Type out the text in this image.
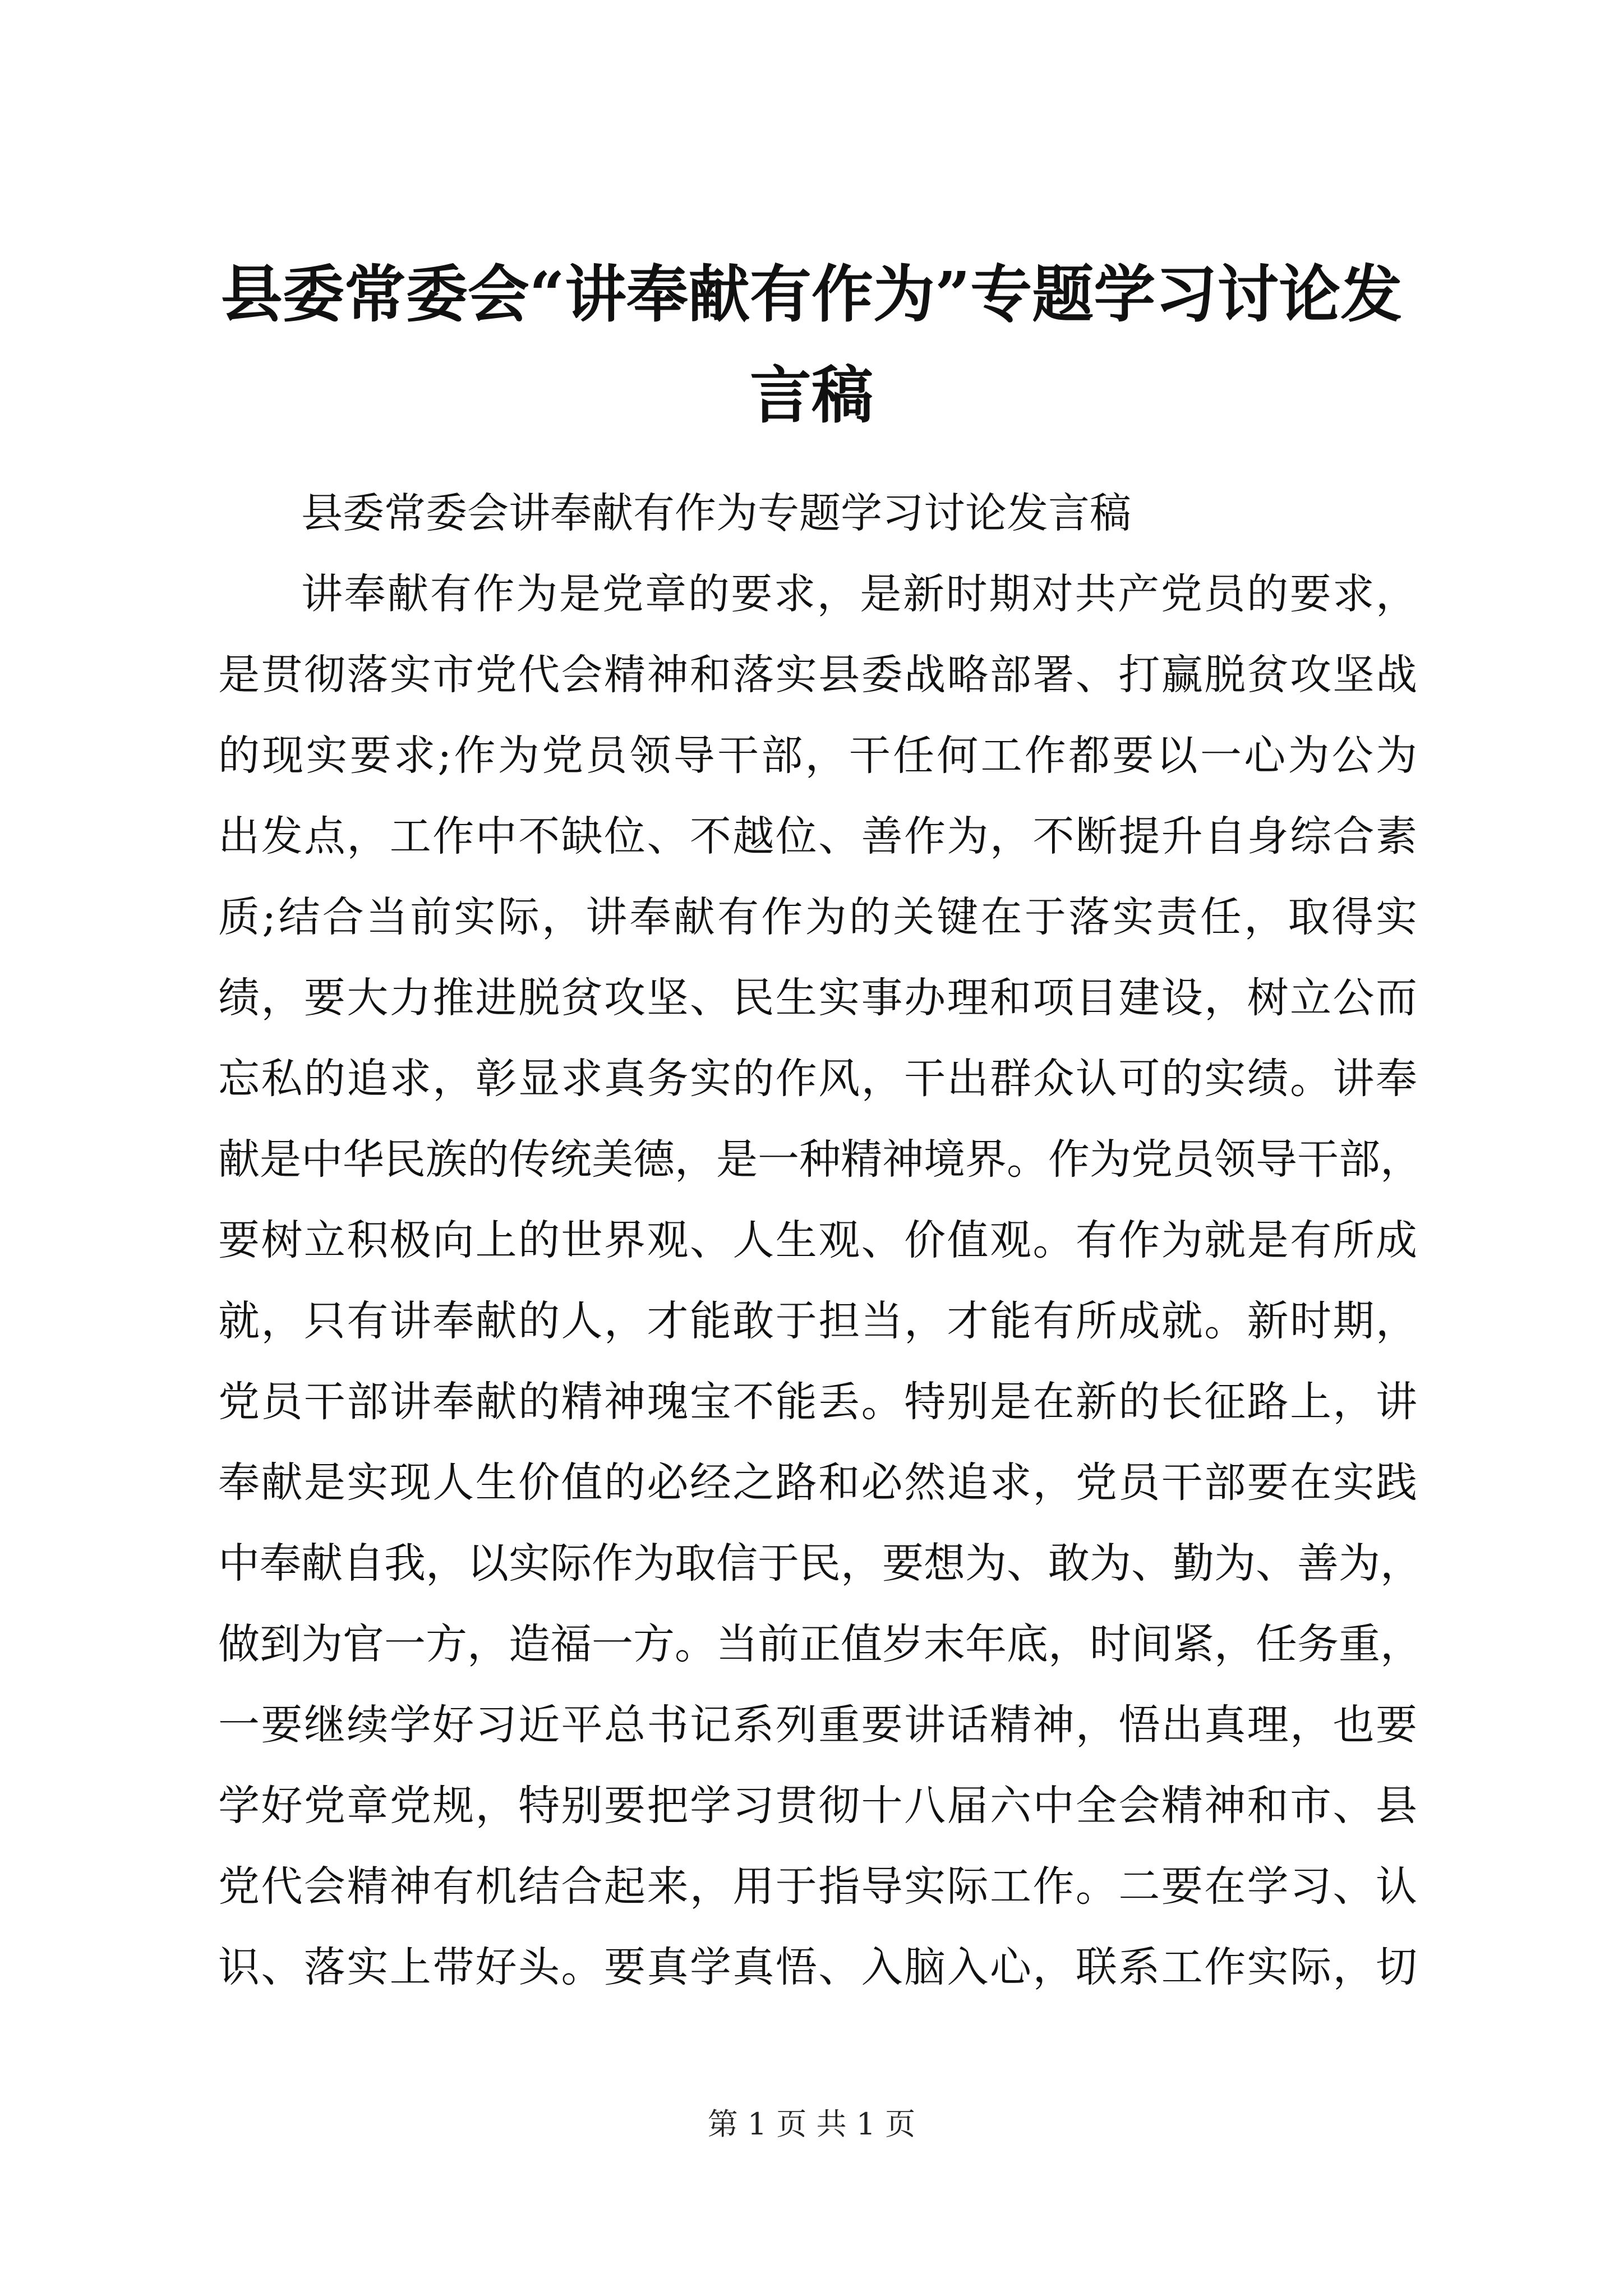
县委常委会“讲奉献有作为”专题学习讨论发
言稿
县委常委会讲奉献有作为专题学习讨论发言稿
讲奉献有作为是党章的要求，是新时期对共产党员的要求，
是贯彻落实市党代会精神和落实县委战略部署、打赢脱贫攻坚战
的现实要求;作为党员领导干部，干任何工作都要以一心为公为
出发点，工作中不缺位、不越位、善作为，不断提升自身综合素
质;结合当前实际，讲奉献有作为的关键在于落实责任，取得实
绩，要大力推进脱贫攻坚、民生实事办理和项目建设，树立公而
忘私的追求，彰显求真务实的作风，干出群众认可的实绩。讲奉
献是中华民族的传统美德，是一种精神境界。作为党员领导干部，
要树立积极向上的世界观、人生观、价值观。有作为就是有所成
就，只有讲奉献的人，才能敢于担当，才能有所成就。新时期，
党员干部讲奉献的精神瑰宝不能丢。特别是在新的长征路上，讲
奉献是实现人生价值的必经之路和必然追求，党员干部要在实践
中奉献自我，以实际作为取信于民，要想为、敢为、勤为、善为，
做到为官一方，造福一方。当前正值岁末年底，时间紧，任务重，
一要继续学好习近平总书记系列重要讲话精神，悟出真理，也要
学好党章党规，特别要把学习贯彻十八届六中全会精神和市、县
党代会精神有机结合起来，用于指导实际工作。二要在学习、认
识、落实上带好头。要真学真悟、入脑入心，联系工作实际，切
第 1 页 共 1 页
